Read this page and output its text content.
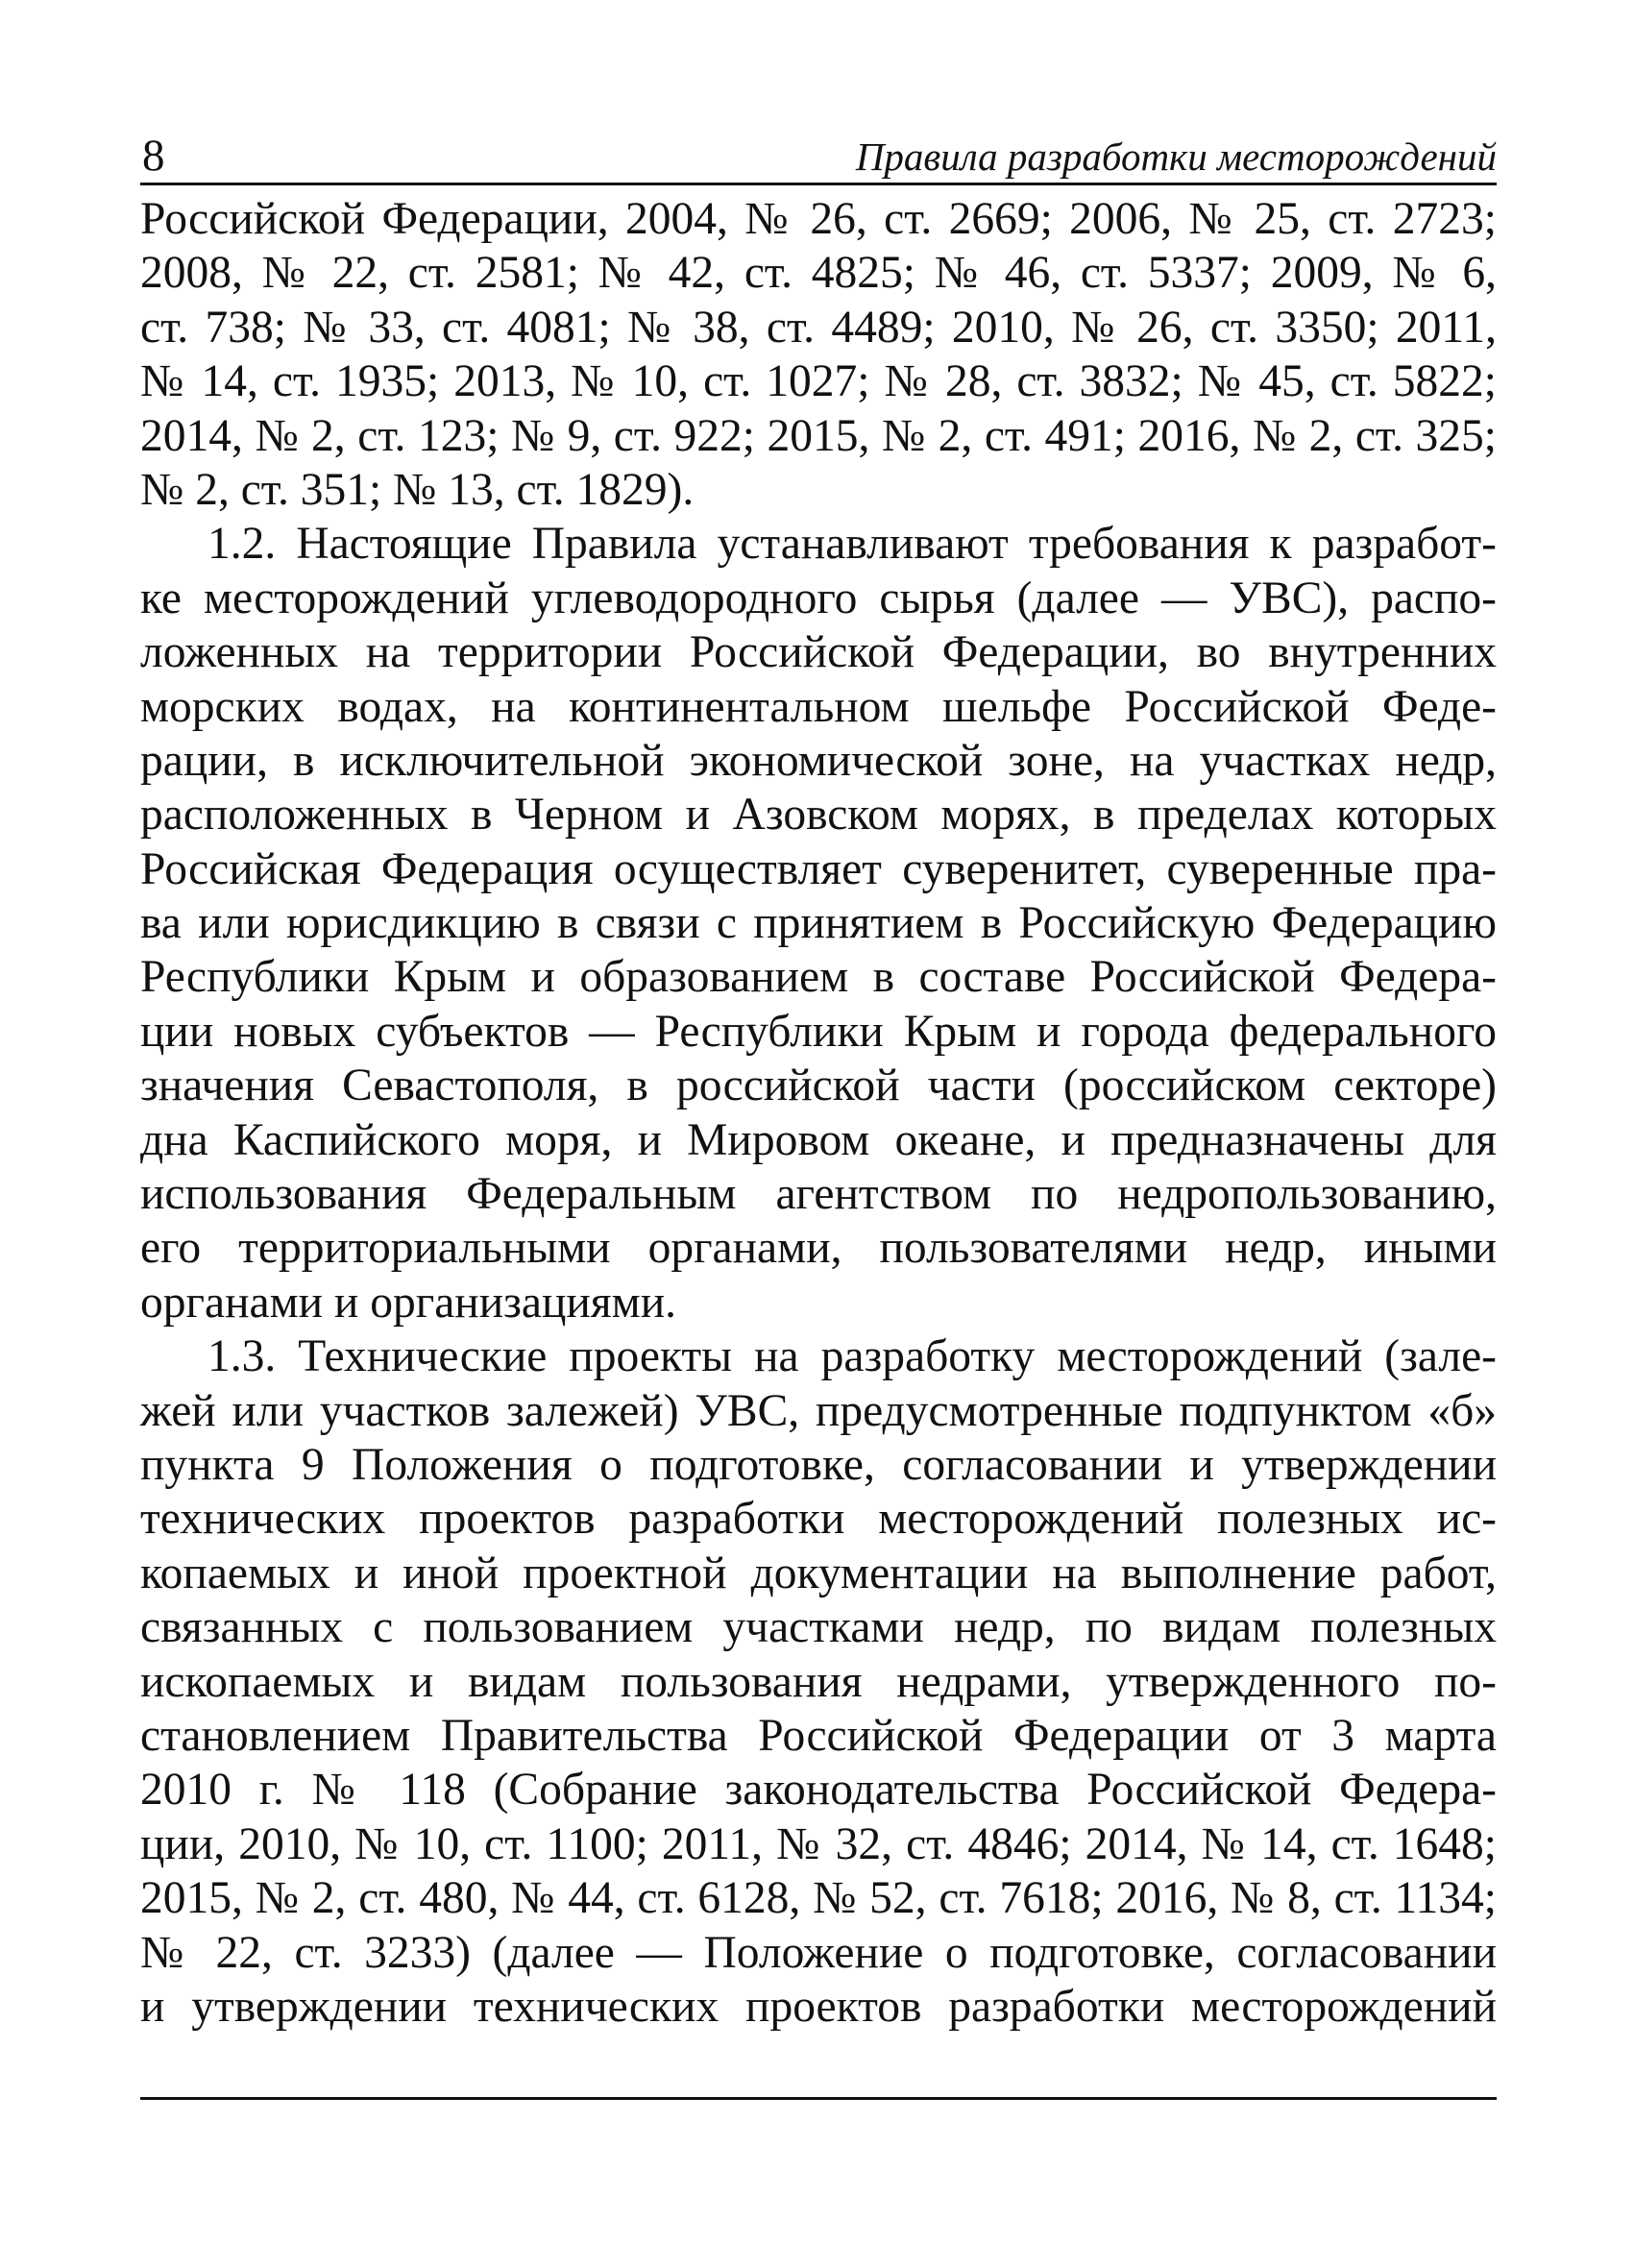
8	Правила разработки месторождений
Российской Федерации, 2004, № 26, ст. 2669; 2006, № 25, ст. 2723;
2008, № 22, ст. 2581; № 42, ст. 4825; № 46, ст. 5337; 2009, № 6,
ст. 738; № 33, ст. 4081; № 38, ст. 4489; 2010, № 26, ст. 3350; 2011,
№ 14, ст. 1935; 2013, № 10, ст. 1027; № 28, ст. 3832; № 45, ст. 5822;
2014, № 2, ст. 123; № 9, ст. 922; 2015, № 2, ст. 491; 2016, № 2, ст. 325;
№ 2, ст. 351; № 13, ст. 1829).
1.2. Настоящие Правила устанавливают требования к разработ-
ке месторождений углеводородного сырья (далее — УВС), распо-
ложенных на территории Российской Федерации, во внутренних
морских водах, на континентальном шельфе Российской Феде-
рации, в исключительной экономической зоне, на участках недр,
расположенных в Черном и Азовском морях, в пределах которых
Российская Федерация осуществляет суверенитет, суверенные пра-
ва или юрисдикцию в связи с принятием в Российскую Федерацию
Республики Крым и образованием в составе Российской Федера-
ции новых субъектов — Республики Крым и города федерального
значения Севастополя, в российской части (российском секторе)
дна Каспийского моря, и Мировом океане, и предназначены для
использования Федеральным агентством по недропользованию,
его территориальными органами, пользователями недр, иными
органами и организациями.
1.3. Технические проекты на разработку месторождений (зале-
жей или участков залежей) УВС, предусмотренные подпунктом «б»
пункта 9 Положения о подготовке, согласовании и утверждении
технических проектов разработки месторождений полезных ис-
копаемых и иной проектной документации на выполнение работ,
связанных с пользованием участками недр, по видам полезных
ископаемых и видам пользования недрами, утвержденного по-
становлением Правительства Российской Федерации от 3 марта
2010 г. № 118 (Собрание законодательства Российской Федера-
ции, 2010, № 10, ст. 1100; 2011, № 32, ст. 4846; 2014, № 14, ст. 1648;
2015, № 2, ст. 480, № 44, ст. 6128, № 52, ст. 7618; 2016, № 8, ст. 1134;
№ 22, ст. 3233) (далее — Положение о подготовке, согласовании
и утверждении технических проектов разработки месторождений
